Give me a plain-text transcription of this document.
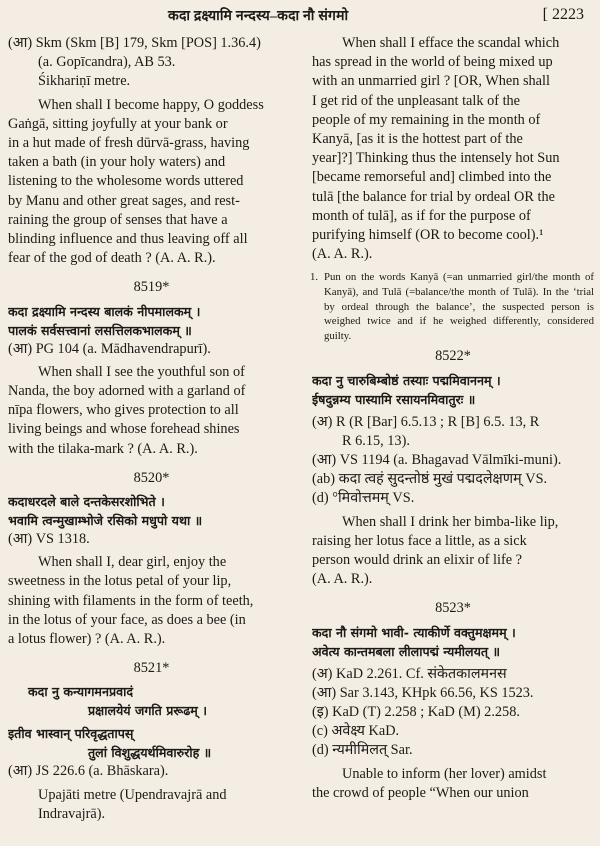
कदा द्रक्ष्यामि नन्दस्य–कदा नौ संगमो	[ 2223

(आ) Skm (Skm [B] 179, Skm [POS] 1.36.4)

(a. Gopīcandra), AB 53.

Śikhariṇī metre.

When shall I become happy, O goddess

Gaṅgā, sitting joyfully at your bank or

in a hut made of fresh dūrvā-grass, having

taken a bath (in your holy waters) and

listening to the wholesome words uttered

by Manu and other great sages, and rest-

raining the group of senses that have a

blinding influence and thus leaving off all

fear of the god of death ? (A. A. R.).

8519*

कदा द्रक्ष्यामि नन्दस्य बालकं नीपमालकम् ।

पालकं सर्वसत्त्वानां लसत्तिलकभालकम् ॥

(आ) PG 104 (a. Mādhavendrapurī).

When shall I see the youthful son of

Nanda, the boy adorned with a garland of

nīpa flowers, who gives protection to all

living beings and whose forehead shines

with the tilaka-mark ? (A. A. R.).

8520*

कदाधरदले बाले दन्तकेसरशोभिते ।

भवामि त्वन्मुखाम्भोजे रसिको मधुपो यथा ॥

(आ) VS 1318.

When shall I, dear girl, enjoy the

sweetness in the lotus petal of your lip,

shining with filaments in the form of teeth,

in the lotus of your face, as does a bee (in

a lotus flower) ? (A. A. R.).

8521*

कदा नु कन्यागमनप्रवादं

प्रक्षालयेयं जगति प्ररूढम् ।

इतीव भास्वान् परिवृद्धतापस्

तुलां विशुद्धयर्थमिवारुरोह ॥

(आ) JS 226.6 (a. Bhāskara).

Upajāti metre (Upendravajrā and

Indravajrā).

When shall I efface the scandal which

has spread in the world of being mixed up

with an unmarried girl ? [OR, When shall

I get rid of the unpleasant talk of the

people of my remaining in the month of

Kanyā, [as it is the hottest part of the

year]?] Thinking thus the intensely hot Sun

[became remorseful and] climbed into the

tulā [the balance for trial by ordeal OR the

month of tulā], as if for the purpose of

purifying himself (OR to become cool).¹

(A. A. R.).

1. Pun on the words Kanyā (=an unmarried girl/the month of Kanyā), and Tulā (=balance/the month of Tulā). In the ‘trial by ordeal through the balance’, the suspected person is weighed twice and if he weighed differently, considered guilty.

8522*

कदा नु चारुबिम्बोष्ठं तस्याः पद्ममिवाननम् ।

ईषदुन्नम्य पास्यामि रसायनमिवातुरः ॥

(अ) R (R [Bar] 6.5.13 ; R [B] 6.5. 13, R

R 6.15, 13).

(आ) VS 1194 (a. Bhagavad Vālmīki-muni).

(ab) कदा त्वहं सुदन्तोष्ठं मुखं पद्मदलेक्षणम् VS.

(d) °मिवोत्तमम् VS.

When shall I drink her bimba-like lip,

raising her lotus face a little, as a sick

person would drink an elixir of life ?

(A. A. R.).

8523*

कदा नौ संगमो भावी- त्याकीर्णे वक्तुमक्षमम् ।

अवेत्य कान्तमबला लीलापद्मं न्यमीलयत् ॥

(अ) KaD 2.261. Cf. संकेतकालमनस

(आ) Sar 3.143, KHpk 66.56, KS 1523.

(इ) KaD (T) 2.258 ; KaD (M) 2.258.

(c) अवेक्ष्य KaD.

(d) न्यमीमिलत् Sar.

Unable to inform (her lover) amidst

the crowd of people “When our union
